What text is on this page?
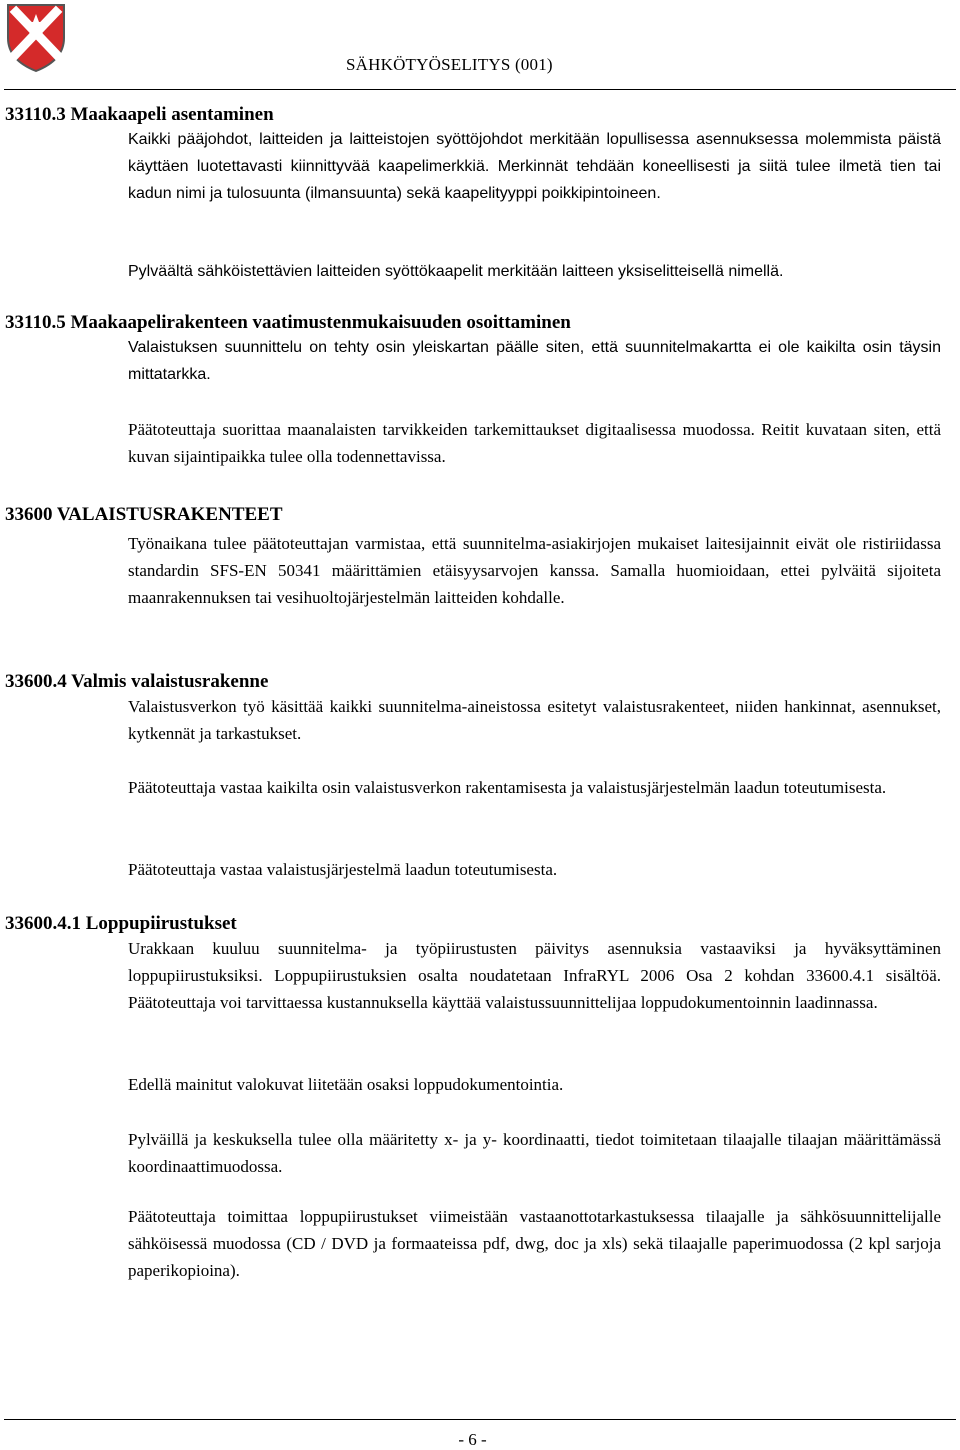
SÄHKÖTYÖSELITYS (001)
33110.3 Maakaapeli asentaminen
Kaikki pääjohdot, laitteiden ja laitteistojen syöttöjohdot merkitään lopullisessa asennuksessa molemmista päistä käyttäen luotettavasti kiinnittyvää kaapelimerkkiä. Merkinnät tehdään koneellisesti ja siitä tulee ilmetä tien tai kadun nimi ja tulosuunta (ilmansuunta) sekä kaapelityyppi poikkipintoineen.
Pylväältä sähköistettävien laitteiden syöttökaapelit merkitään laitteen yksiselitteisellä nimellä.
33110.5 Maakaapelirakenteen vaatimustenmukaisuuden osoittaminen
Valaistuksen suunnittelu on tehty osin yleiskartan päälle siten, että suunnitelmakartta ei ole kaikilta osin täysin mittatarkka.
Päätoteuttaja suorittaa maanalaisten tarvikkeiden tarkemittaukset digitaalisessa muodossa. Reitit kuvataan siten, että kuvan sijaintipaikka tulee olla todennettavissa.
33600 VALAISTUSRAKENTEET
Työnaikana tulee päätoteuttajan varmistaa, että suunnitelma-asiakirjojen mukaiset laitesijainnit eivät ole ristiriidassa standardin SFS-EN 50341 määrittämien etäisyysarvojen kanssa. Samalla huomioidaan, ettei pylväitä sijoiteta maanrakennuksen tai vesihuoltojärjestelmän laitteiden kohdalle.
33600.4 Valmis valaistusrakenne
Valaistusverkon työ käsittää kaikki suunnitelma-aineistossa esitetyt valaistusrakenteet, niiden hankinnat, asennukset, kytkennät ja tarkastukset.
Päätoteuttaja vastaa kaikilta osin valaistusverkon rakentamisesta ja valaistusjärjestelmän laadun toteutumisesta.
Päätoteuttaja vastaa valaistusjärjestelmä laadun toteutumisesta.
33600.4.1 Loppupiirustukset
Urakkaan kuuluu suunnitelma- ja työpiirustusten päivitys asennuksia vastaaviksi ja hyväksyttäminen loppupiirustuksiksi. Loppupiirustuksien osalta noudatetaan InfraRYL 2006 Osa 2 kohdan 33600.4.1 sisältöä. Päätoteuttaja voi tarvittaessa kustannuksella käyttää valaistussuunnittelijaa loppudokumentoinnin laadinnassa.
Edellä mainitut valokuvat liitetään osaksi loppudokumentointia.
Pylväillä ja keskuksella tulee olla määritetty x- ja y- koordinaatti, tiedot toimitetaan tilaajalle tilaajan määrittämässä koordinaattimuodossa.
Päätoteuttaja toimittaa loppupiirustukset viimeistään vastaanottotarkastuksessa tilaajalle ja sähkösuunnittelijalle sähköisessä muodossa (CD / DVD ja formaateissa pdf, dwg, doc ja xls) sekä tilaajalle paperimuodossa (2 kpl sarjoja paperikopioina).
- 6 -
